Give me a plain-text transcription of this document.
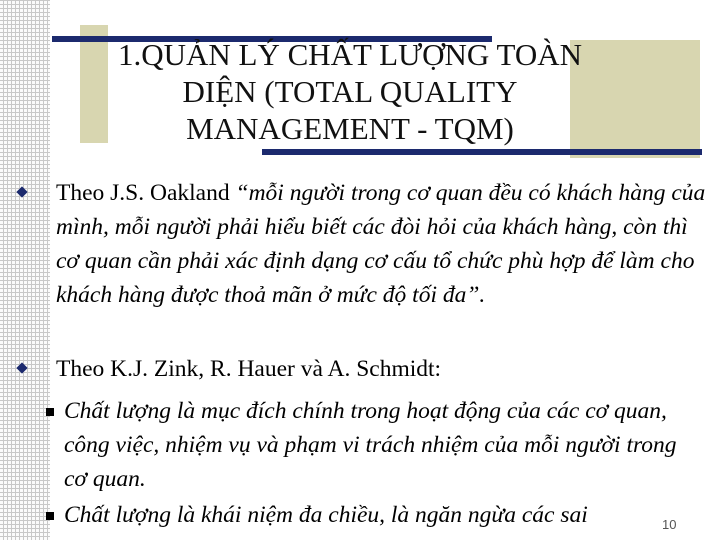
1.QUẢN LÝ CHẤT LƯỢNG TOÀN DIỆN (TOTAL QUALITY MANAGEMENT - TQM)
Theo J.S. Oakland “mỗi người trong cơ quan đều có khách hàng của mình, mỗi người phải hiểu biết các đòi hỏi của khách hàng, còn thì cơ quan cần phải xác định dạng cơ cấu tổ chức phù hợp để làm cho khách hàng được thoả mãn ở mức độ tối đa”.
Theo K.J. Zink, R. Hauer và A. Schmidt:
Chất lượng là mục đích chính trong hoạt động của các cơ quan, công việc, nhiệm vụ và phạm vi trách nhiệm của mỗi người trong cơ quan.
Chất lượng là khái niệm đa chiều, là ngăn ngừa các sai	10
